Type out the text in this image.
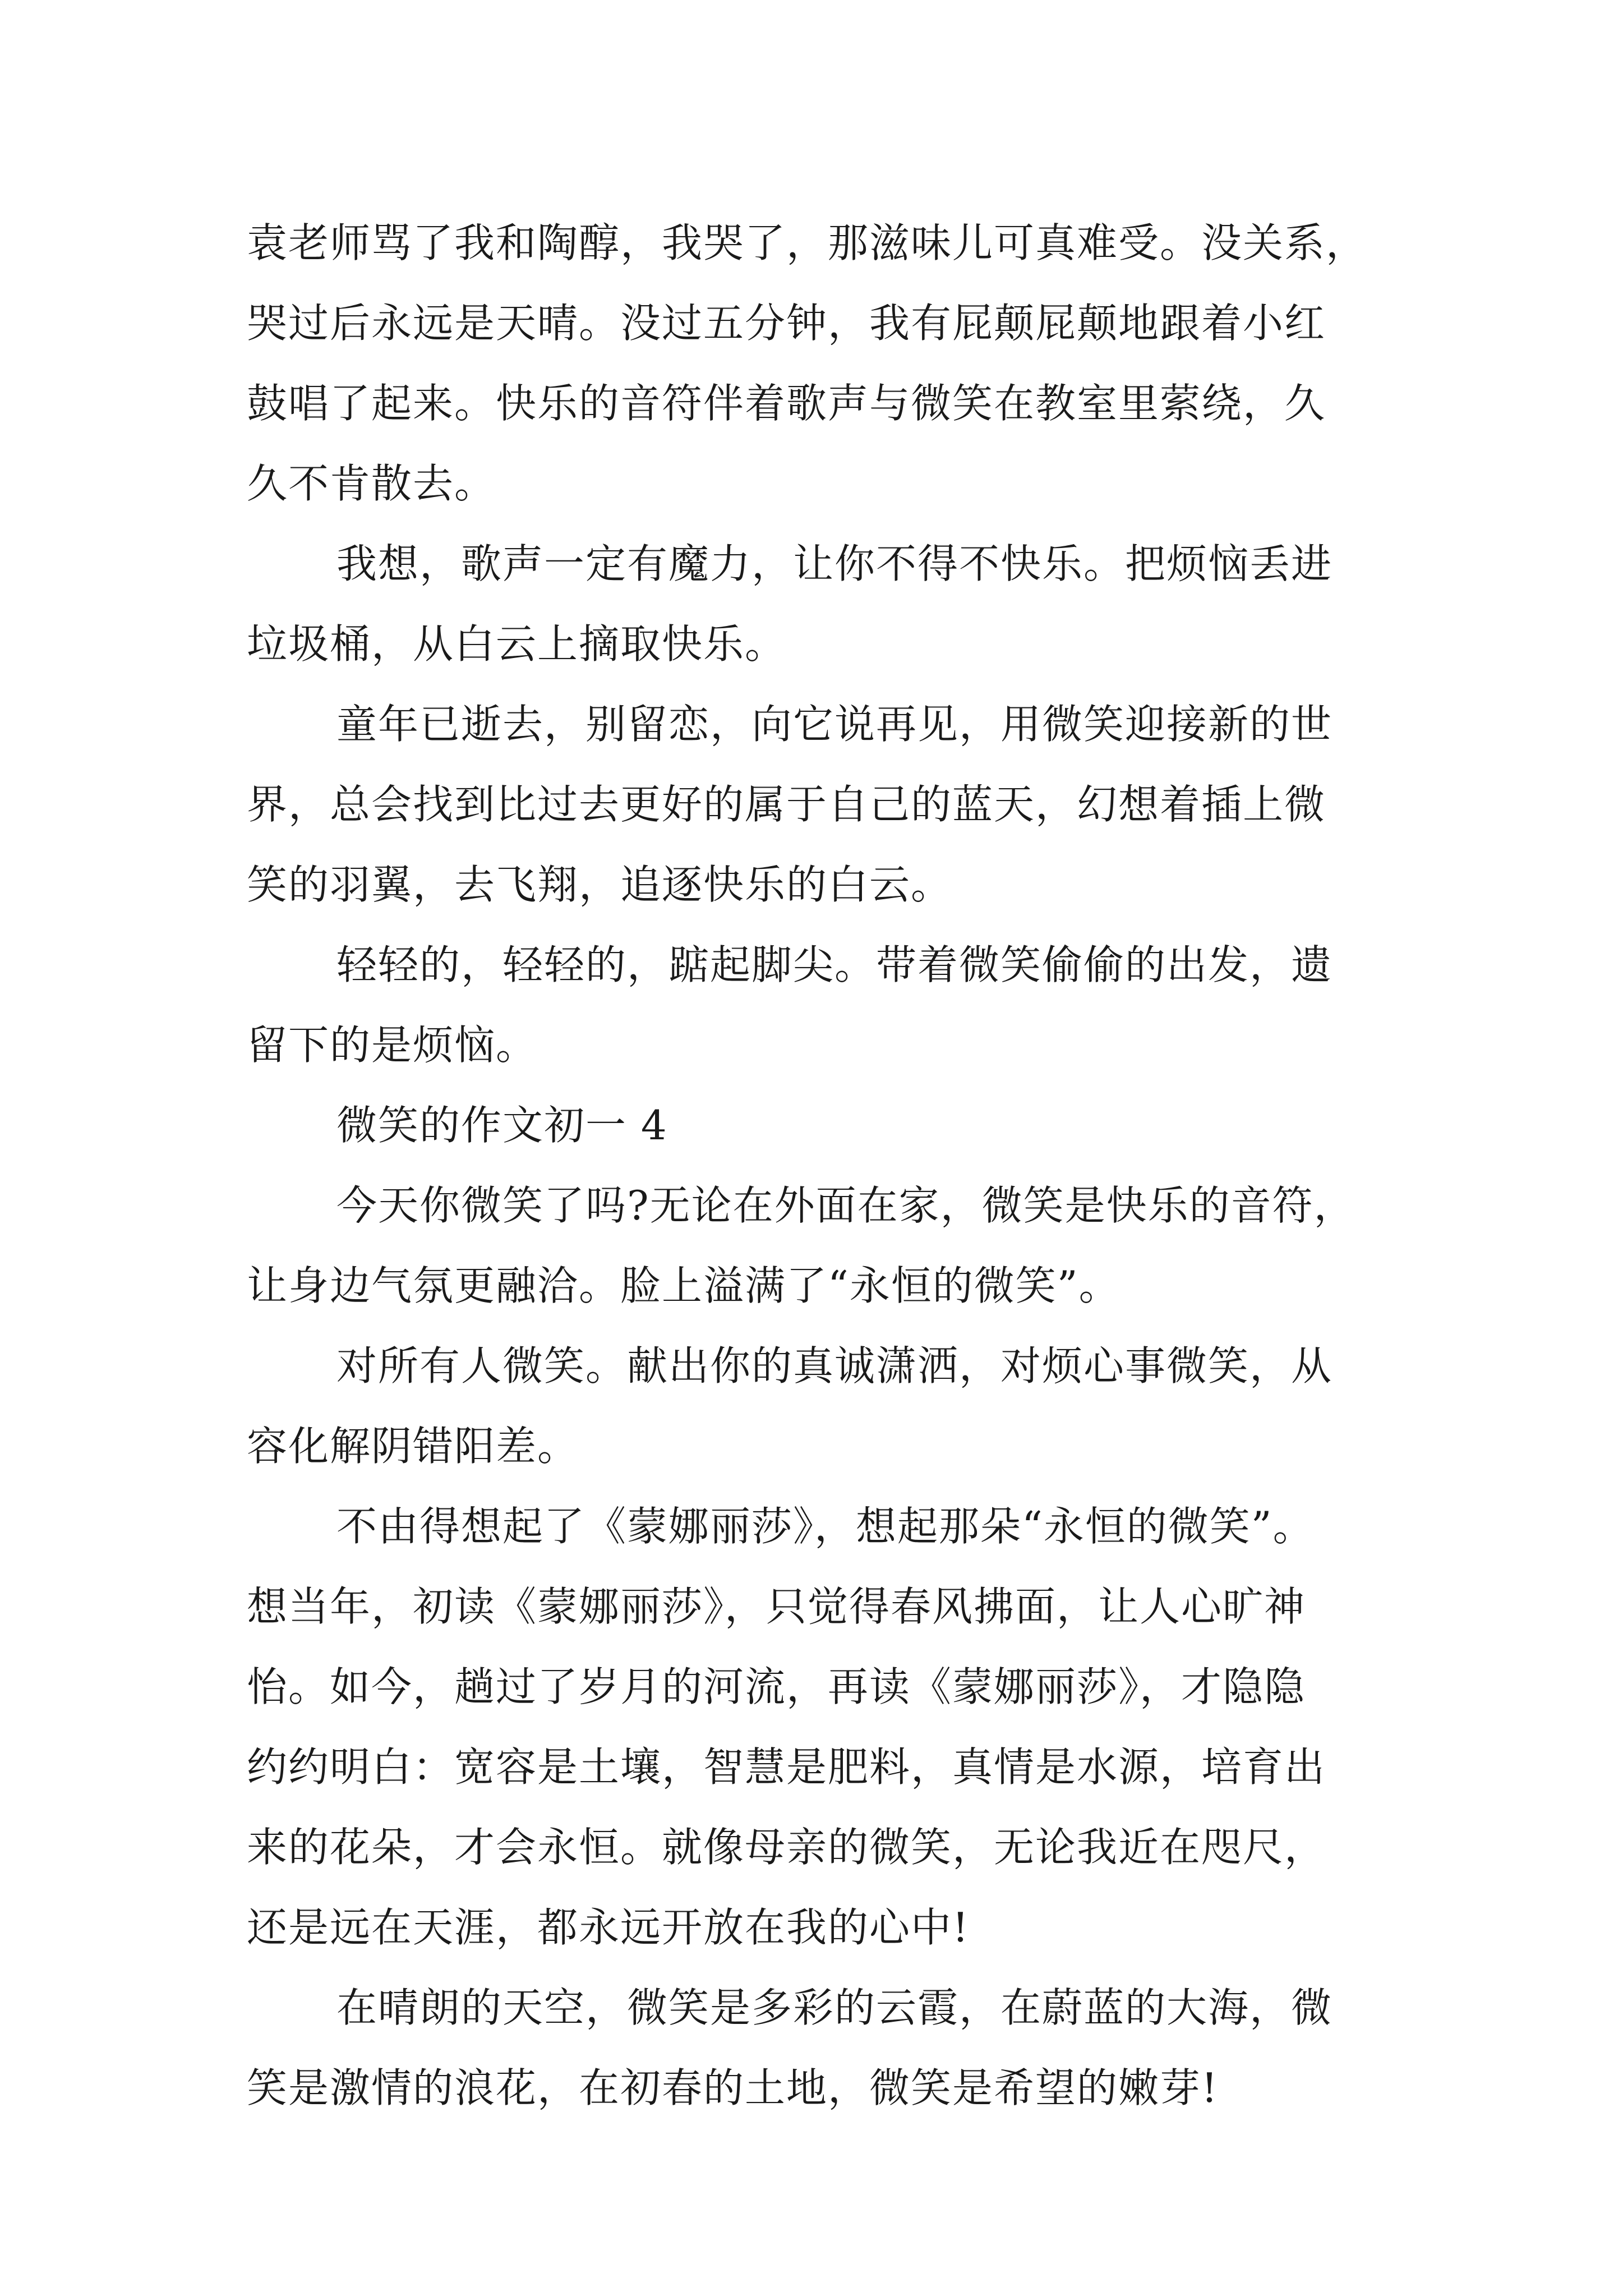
袁老师骂了我和陶醇，我哭了，那滋味儿可真难受。没关系，
哭过后永远是天晴。没过五分钟，我有屁颠屁颠地跟着小红
鼓唱了起来。快乐的音符伴着歌声与微笑在教室里萦绕，久
久不肯散去。
我想，歌声一定有魔力，让你不得不快乐。把烦恼丢进
垃圾桶，从白云上摘取快乐。
童年已逝去，别留恋，向它说再见，用微笑迎接新的世
界，总会找到比过去更好的属于自己的蓝天，幻想着插上微
笑的羽翼，去飞翔，追逐快乐的白云。
轻轻的，轻轻的，踮起脚尖。带着微笑偷偷的出发，遗
留下的是烦恼。
微笑的作文初一 4
今天你微笑了吗?无论在外面在家，微笑是快乐的音符，
让身边气氛更融洽。脸上溢满了“永恒的微笑”。
对所有人微笑。献出你的真诚潇洒，对烦心事微笑，从
容化解阴错阳差。
不由得想起了《蒙娜丽莎》，想起那朵“永恒的微笑”。
想当年，初读《蒙娜丽莎》，只觉得春风拂面，让人心旷神
怡。如今，趟过了岁月的河流，再读《蒙娜丽莎》，才隐隐
约约明白：宽容是土壤，智慧是肥料，真情是水源，培育出
来的花朵，才会永恒。就像母亲的微笑，无论我近在咫尺，
还是远在天涯，都永远开放在我的心中!
在晴朗的天空，微笑是多彩的云霞，在蔚蓝的大海，微
笑是激情的浪花，在初春的土地，微笑是希望的嫩芽!
